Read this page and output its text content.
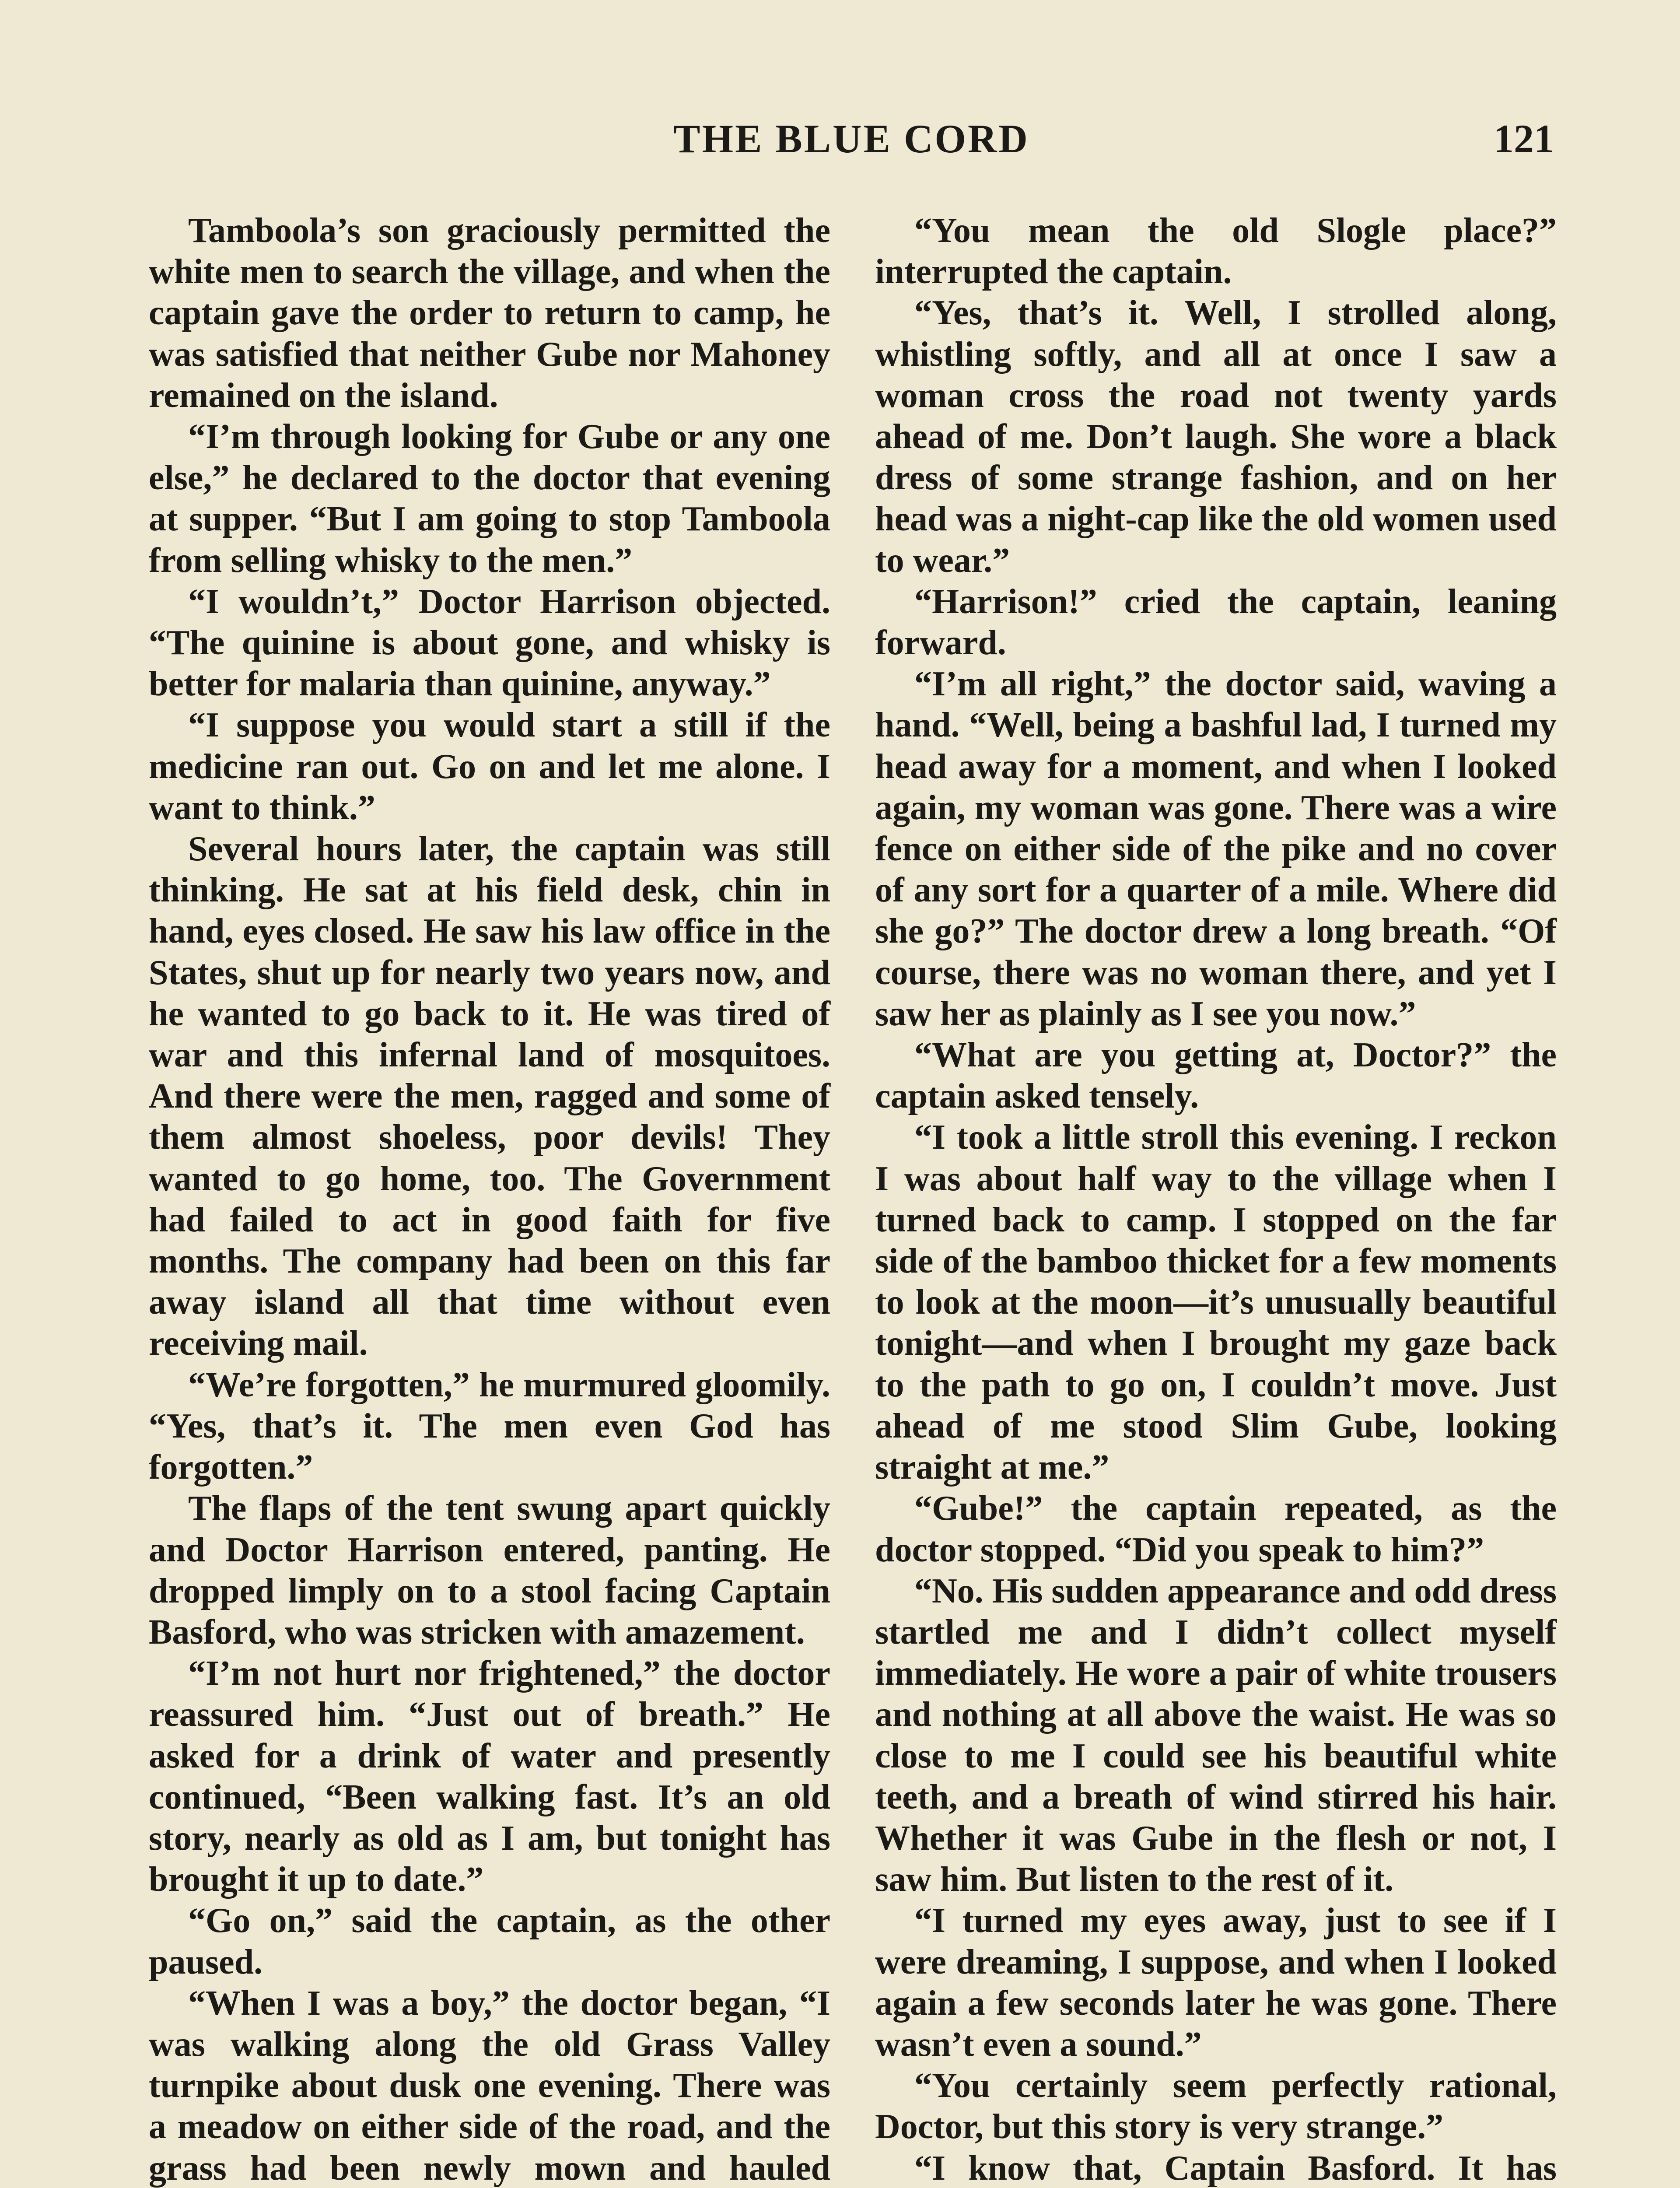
THE BLUE CORD	121

Tamboola’s son graciously permitted the white men to search the village, and when the captain gave the order to return to camp, he was satisfied that neither Gube nor Mahoney remained on the island.

“I’m through looking for Gube or any one else,” he declared to the doctor that evening at supper. “But I am going to stop Tamboola from selling whisky to the men.”

“I wouldn’t,” Doctor Harrison objected. “The quinine is about gone, and whisky is better for malaria than quinine, anyway.”

“I suppose you would start a still if the medicine ran out. Go on and let me alone. I want to think.”

Several hours later, the captain was still thinking. He sat at his field desk, chin in hand, eyes closed. He saw his law office in the States, shut up for nearly two years now, and he wanted to go back to it. He was tired of war and this infernal land of mosquitoes. And there were the men, ragged and some of them almost shoeless, poor devils! They wanted to go home, too. The Government had failed to act in good faith for five months. The company had been on this far away island all that time without even receiving mail.

“We’re forgotten,” he murmured gloomily. “Yes, that’s it. The men even God has forgotten.”

The flaps of the tent swung apart quickly and Doctor Harrison entered, panting. He dropped limply on to a stool facing Captain Basford, who was stricken with amazement.

“I’m not hurt nor frightened,” the doctor reassured him. “Just out of breath.” He asked for a drink of water and presently continued, “Been walking fast. It’s an old story, nearly as old as I am, but tonight has brought it up to date.”

“Go on,” said the captain, as the other paused.

“When I was a boy,” the doctor began, “I was walking along the old Grass Valley turnpike about dusk one evening. There was a meadow on either side of the road, and the grass had been newly mown and hauled

“You mean the old Slogle place?” interrupted the captain.

“Yes, that’s it. Well, I strolled along, whistling softly, and all at once I saw a woman cross the road not twenty yards ahead of me. Don’t laugh. She wore a black dress of some strange fashion, and on her head was a night-cap like the old women used to wear.”

“Harrison!” cried the captain, leaning forward.

“I’m all right,” the doctor said, waving a hand. “Well, being a bashful lad, I turned my head away for a moment, and when I looked again, my woman was gone. There was a wire fence on either side of the pike and no cover of any sort for a quarter of a mile. Where did she go?” The doctor drew a long breath. “Of course, there was no woman there, and yet I saw her as plainly as I see you now.”

“What are you getting at, Doctor?” the captain asked tensely.

“I took a little stroll this evening. I reckon I was about half way to the village when I turned back to camp. I stopped on the far side of the bamboo thicket for a few moments to look at the moon—it’s unusually beautiful tonight—and when I brought my gaze back to the path to go on, I couldn’t move. Just ahead of me stood Slim Gube, looking straight at me.”

“Gube!” the captain repeated, as the doctor stopped. “Did you speak to him?”

“No. His sudden appearance and odd dress startled me and I didn’t collect myself immediately. He wore a pair of white trousers and nothing at all above the waist. He was so close to me I could see his beautiful white teeth, and a breath of wind stirred his hair. Whether it was Gube in the flesh or not, I saw him. But listen to the rest of it.

“I turned my eyes away, just to see if I were dreaming, I suppose, and when I looked again a few seconds later he was gone. There wasn’t even a sound.”

“You certainly seem perfectly rational, Doctor, but this story is very strange.”

“I know that, Captain Basford. It has
